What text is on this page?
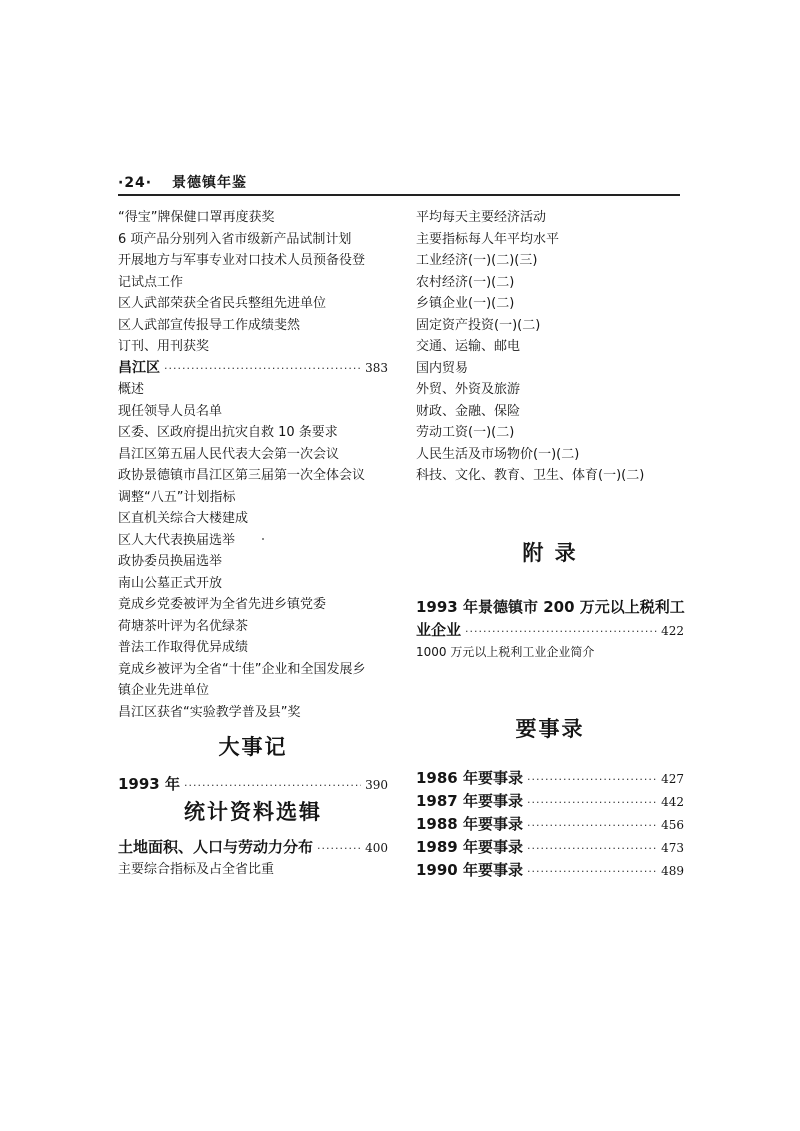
·24· 景德镇年鉴
“得宝”牌保健口罩再度获奖
6 项产品分别列入省市级新产品试制计划
开展地方与军事专业对口技术人员预备役登
记试点工作
区人武部荣获全省民兵整组先进单位
区人武部宣传报导工作成绩斐然
订刊、用刊获奖
昌江区 ·····	383
概述
现任领导人员名单
区委、区政府提出抗灾自救 10 条要求
昌江区第五届人民代表大会第一次会议
政协景德镇市昌江区第三届第一次全体会议
调整“八五”计划指标
区直机关综合大楼建成
区人大代表换届选举
政协委员换届选举
南山公墓正式开放
竟成乡党委被评为全省先进乡镇党委
荷塘茶叶评为名优绿茶
普法工作取得优异成绩
竟成乡被评为全省“十佳”企业和全国发展乡
镇企业先进单位
昌江区获省“实验教学普及县”奖
大事记
1993 年 ·····	390
统计资料选辑
土地面积、人口与劳动力分布 ·····	400
主要综合指标及占全省比重
平均每天主要经济活动
主要指标每人年平均水平
工业经济(一)(二)(三)
农村经济(一)(二)
乡镇企业(一)(二)
固定资产投资(一)(二)
交通、运输、邮电
国内贸易
外贸、外资及旅游
财政、金融、保险
劳动工资(一)(二)
人民生活及市场物价(一)(二)
科技、文化、教育、卫生、体育(一)(二)
附 录
1993 年景德镇市 200 万元以上税利工
业企业 ·····	422
1000 万元以上税利工业企业简介
要事录
1986 年要事录 ·····	427
1987 年要事录 ·····	442
1988 年要事录 ·····	456
1989 年要事录 ·····	473
1990 年要事录 ·····	489
